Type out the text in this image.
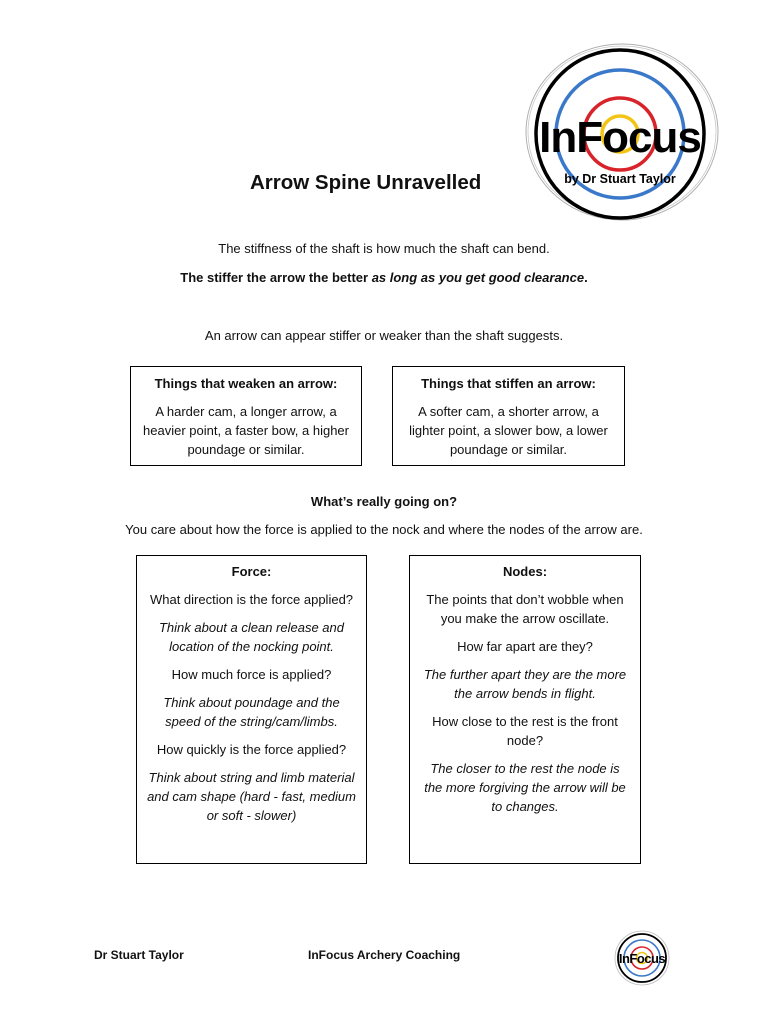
InFocus
by Dr Stuart Taylor
Arrow Spine Unravelled
The stiffness of the shaft is how much the shaft can bend.
The stiffer the arrow the better as long as you get good clearance.
An arrow can appear stiffer or weaker than the shaft suggests.
Things that weaken an arrow:
A harder cam, a longer arrow, a heavier point, a faster bow, a higher poundage or similar.
Things that stiffen an arrow:
A softer cam, a shorter arrow, a lighter point, a slower bow, a lower poundage or similar.
What’s really going on?
You care about how the force is applied to the nock and where the nodes of the arrow are.
Force:

What direction is the force applied?

Think about a clean release and location of the nocking point.

How much force is applied?

Think about poundage and the speed of the string/cam/limbs.

How quickly is the force applied?

Think about string and limb material and cam shape (hard - fast, medium or soft - slower)

Nodes:

The points that don’t wobble when you make the arrow oscillate.

How far apart are they?

The further apart they are the more the arrow bends in flight.

How close to the rest is the front node?

The closer to the rest the node is the more forgiving the arrow will be to changes.

Dr Stuart Taylor	InFocus Archery Coaching	InFocus
